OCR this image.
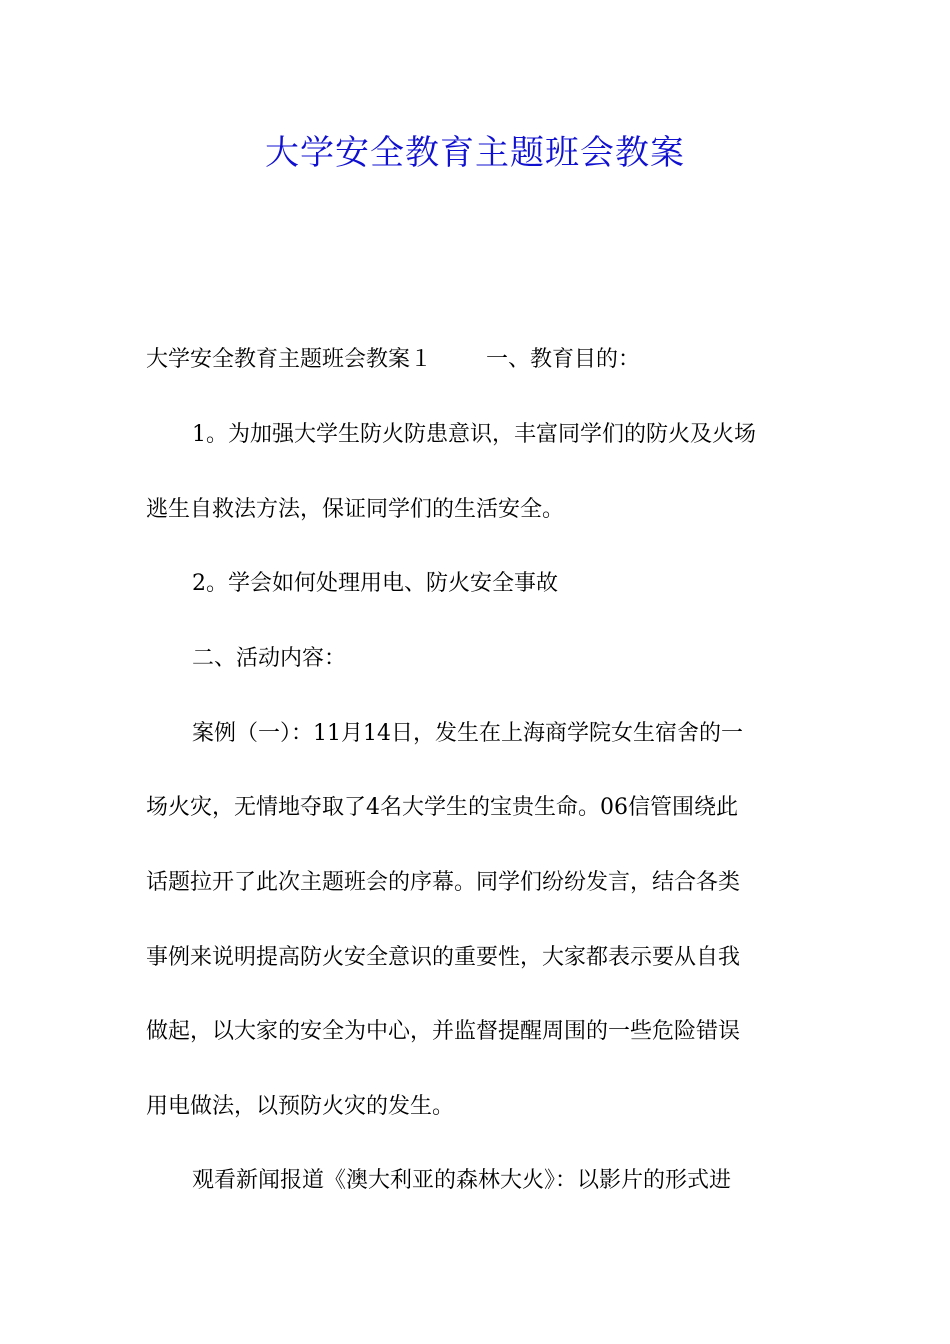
大学安全教育主题班会教案
大学安全教育主题班会教案１ 一、教育目的：
1。为加强大学生防火防患意识，丰富同学们的防火及火场
逃生自救法方法，保证同学们的生活安全。
2。学会如何处理用电、防火安全事故
二、活动内容：
案例（一）：11月14日，发生在上海商学院女生宿舍的一
场火灾，无情地夺取了4名大学生的宝贵生命。06信管围绕此
话题拉开了此次主题班会的序幕。同学们纷纷发言，结合各类
事例来说明提高防火安全意识的重要性，大家都表示要从自我
做起，以大家的安全为中心，并监督提醒周围的一些危险错误
用电做法，以预防火灾的发生。
观看新闻报道《澳大利亚的森林大火》：以影片的形式进
